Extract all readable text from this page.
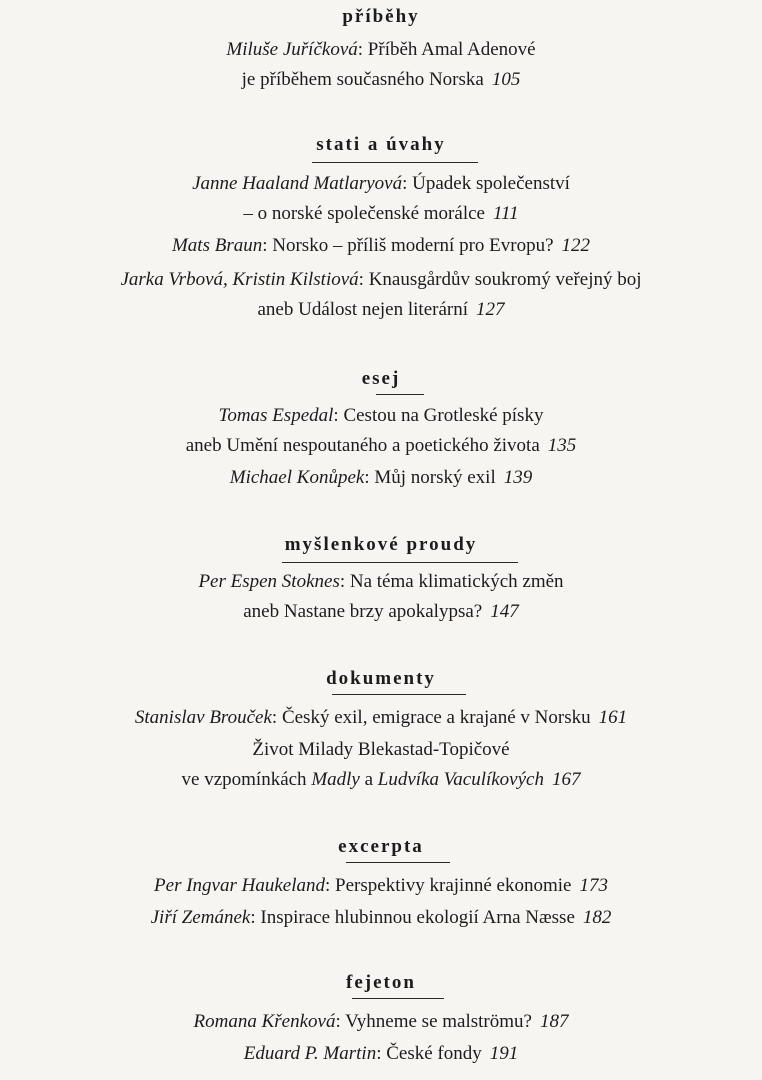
příběhy
Miluše Juříčková: Příběh Amal Adenové
je příběhem současného Norska 105
stati a úvahy
Janne Haaland Matlaryová: Úpadek společenství
– o norské společenské morálce 111
Mats Braun: Norsko – příliš moderní pro Evropu? 122
Jarka Vrbová, Kristin Kilstiová: Knausgårdův soukromý veřejný boj
aneb Událost nejen literární 127
esej
Tomas Espedal: Cestou na Grotleské písky
aneb Umění nespoutaného a poetického života 135
Michael Konůpek: Můj norský exil 139
myšlenkové proudy
Per Espen Stoknes: Na téma klimatických změn
aneb Nastane brzy apokalypsa? 147
dokumenty
Stanislav Brouček: Český exil, emigrace a krajané v Norsku 161
Život Milady Blekastad-Topičové
ve vzpomínkách Madly a Ludvíka Vaculíkových 167
excerpta
Per Ingvar Haukeland: Perspektivy krajinné ekonomie 173
Jiří Zemánek: Inspirace hlubinnou ekologií Arna Næsse 182
fejeton
Romana Křenková: Vyhneme se malströmu? 187
Eduard P. Martin: České fondy 191
